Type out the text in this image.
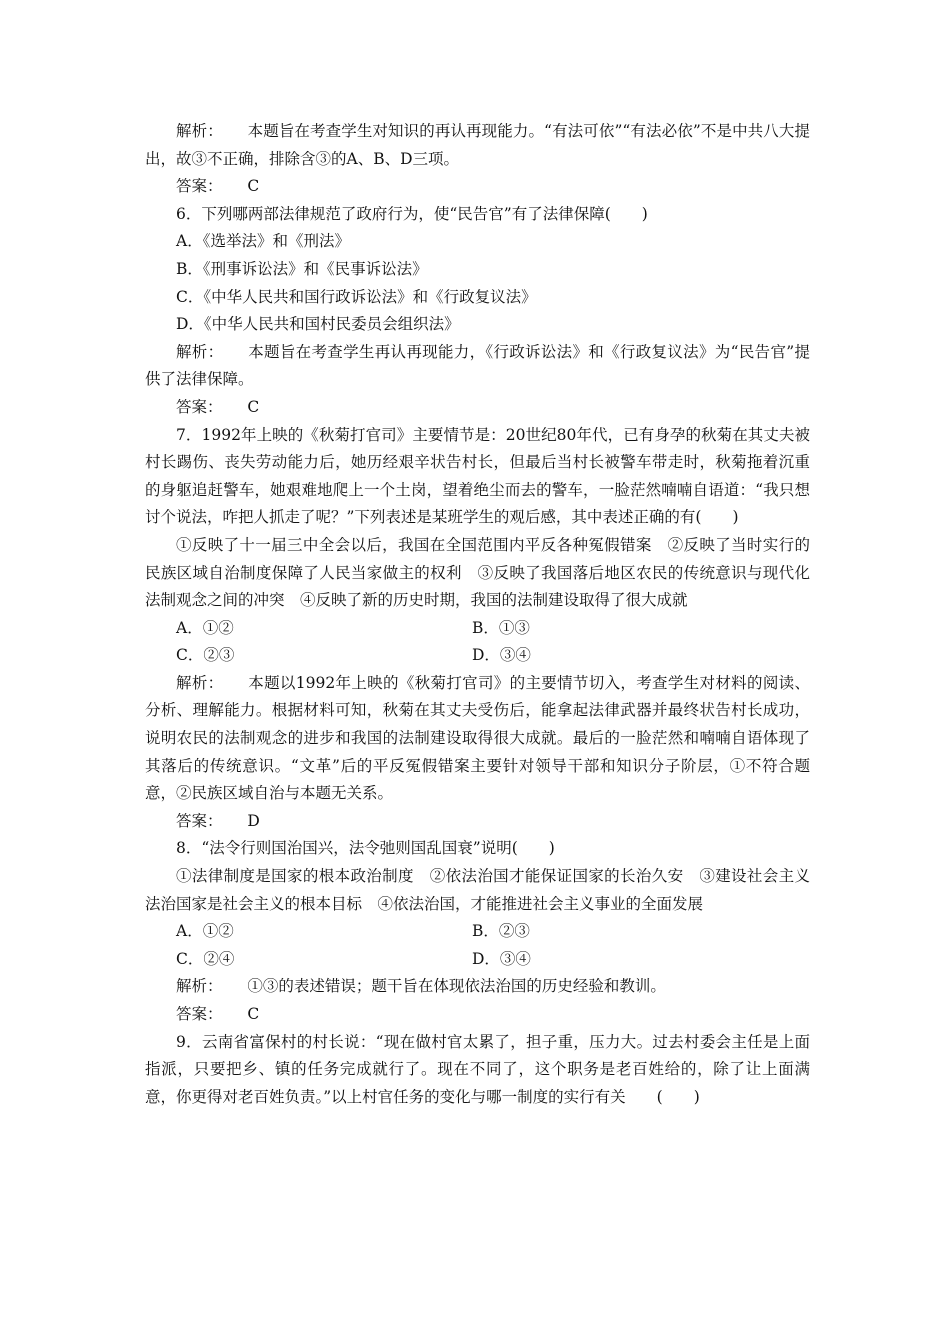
解析： 本题旨在考查学生对知识的再认再现能力。“有法可依”“有法必依”不是中共八大提出，故③不正确，排除含③的A、B、D三项。

答案： C

6．下列哪两部法律规范了政府行为，使“民告官”有了法律保障(　　)

A．《选举法》和《刑法》

B．《刑事诉讼法》和《民事诉讼法》

C．《中华人民共和国行政诉讼法》和《行政复议法》

D．《中华人民共和国村民委员会组织法》

解析： 本题旨在考查学生再认再现能力，《行政诉讼法》和《行政复议法》为“民告官”提供了法律保障。

答案： C

7．1992年上映的《秋菊打官司》主要情节是：20世纪80年代，已有身孕的秋菊在其丈夫被村长踢伤、丧失劳动能力后，她历经艰辛状告村长，但最后当村长被警车带走时，秋菊拖着沉重的身躯追赶警车，她艰难地爬上一个土岗，望着绝尘而去的警车，一脸茫然喃喃自语道：“我只想讨个说法，咋把人抓走了呢？”下列表述是某班学生的观后感，其中表述正确的有(　　)

①反映了十一届三中全会以后，我国在全国范围内平反各种冤假错案　②反映了当时实行的民族区域自治制度保障了人民当家做主的权利　③反映了我国落后地区农民的传统意识与现代化法制观念之间的冲突　④反映了新的历史时期，我国的法制建设取得了很大成就

A．①②	B．①③
C．②③	D．③④

解析： 本题以1992年上映的《秋菊打官司》的主要情节切入，考查学生对材料的阅读、分析、理解能力。根据材料可知，秋菊在其丈夫受伤后，能拿起法律武器并最终状告村长成功，说明农民的法制观念的进步和我国的法制建设取得很大成就。最后的一脸茫然和喃喃自语体现了其落后的传统意识。“文革”后的平反冤假错案主要针对领导干部和知识分子阶层，①不符合题意，②民族区域自治与本题无关系。

答案： D

8．“法令行则国治国兴，法令弛则国乱国衰”说明(　　)

①法律制度是国家的根本政治制度　②依法治国才能保证国家的长治久安　③建设社会主义法治国家是社会主义的根本目标　④依法治国，才能推进社会主义事业的全面发展

A．①②	B．②③
C．②④	D．③④

解析： ①③的表述错误；题干旨在体现依法治国的历史经验和教训。

答案： C

9．云南省富保村的村长说：“现在做村官太累了，担子重，压力大。过去村委会主任是上面指派，只要把乡、镇的任务完成就行了。现在不同了，这个职务是老百姓给的，除了让上面满意，你更得对老百姓负责。”以上村官任务的变化与哪一制度的实行有关　　(　　)
